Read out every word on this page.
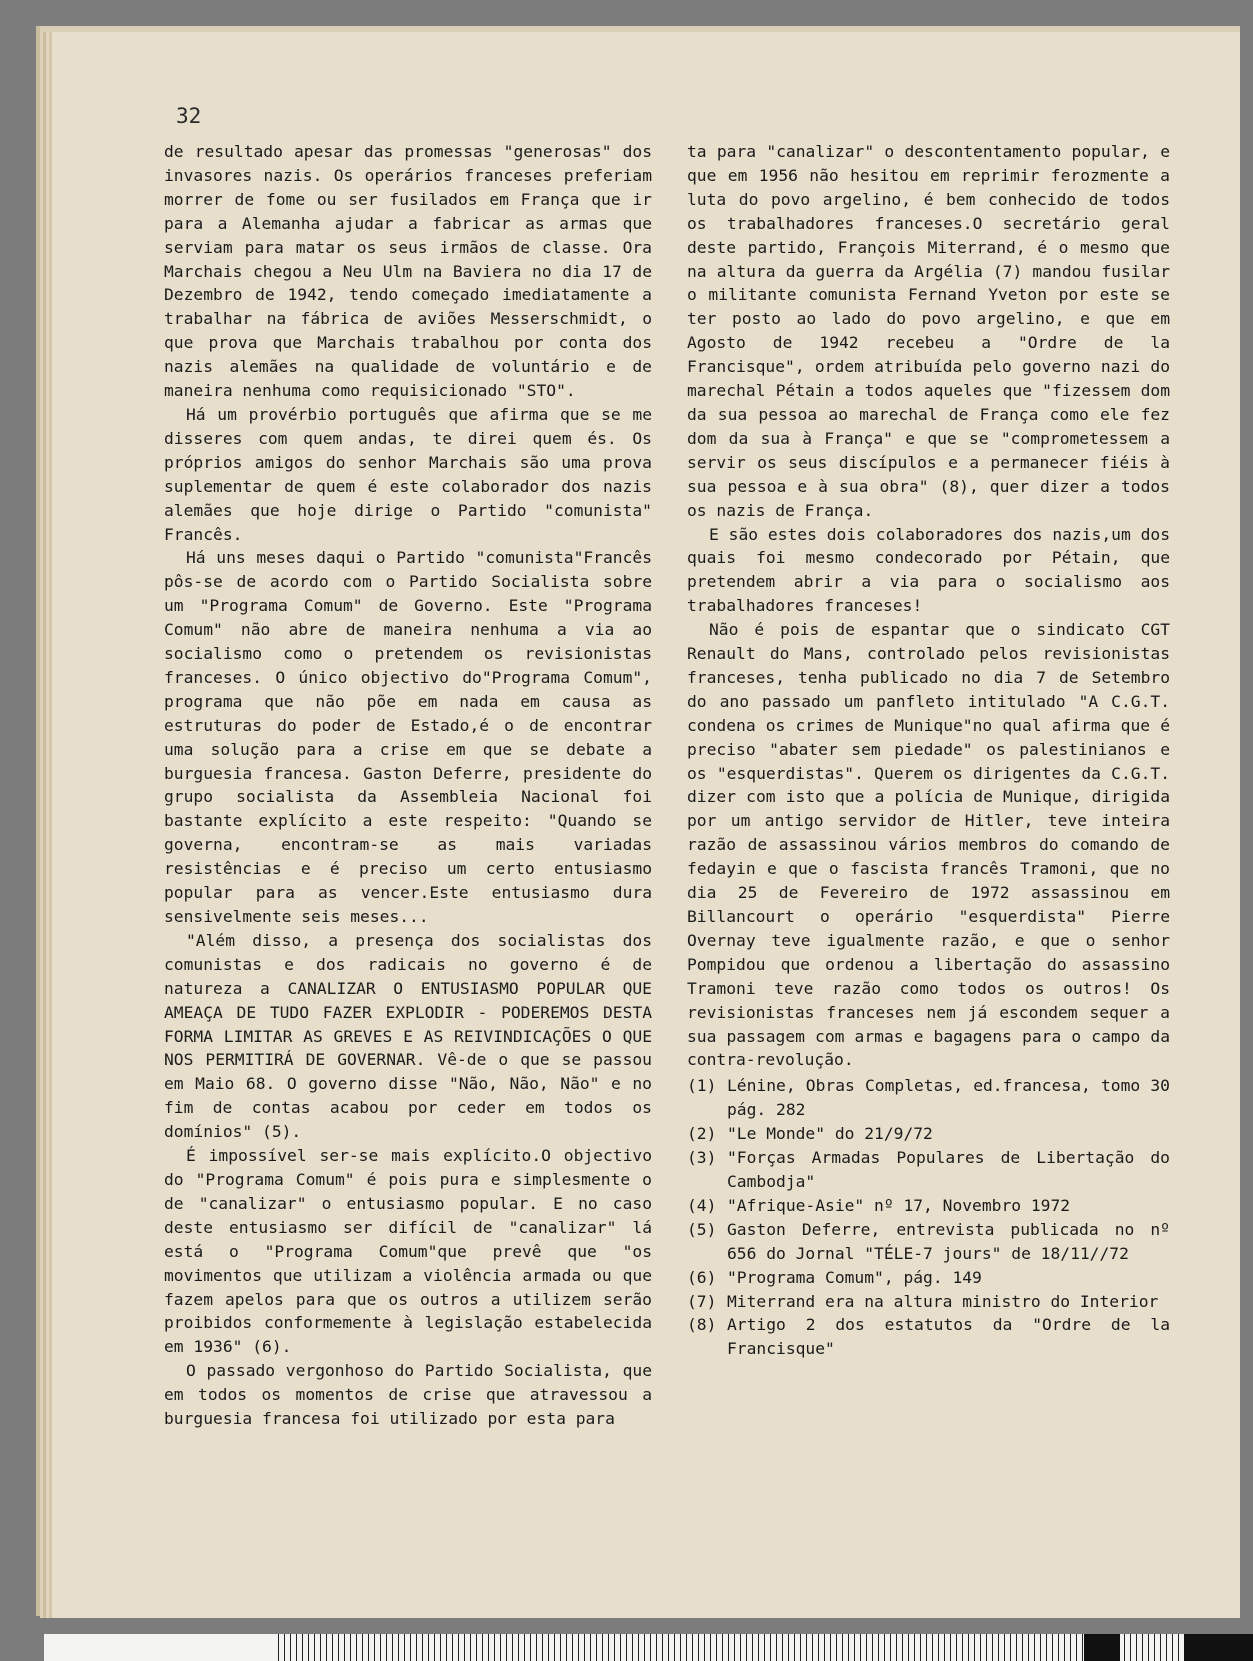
32

de resultado apesar das promessas "generosas" dos invasores nazis. Os operários franceses preferiam morrer de fome ou ser fusilados em França que ir para a Alemanha ajudar a fabricar as armas que serviam para matar os seus irmãos de classe. Ora Marchais chegou a Neu Ulm na Baviera no dia 17 de Dezembro de 1942, tendo começado imediatamente a trabalhar na fábrica de aviões Messerschmidt, o que prova que Marchais trabalhou por conta dos nazis alemães na qualidade de voluntário e de maneira nenhuma como requisicionado "STO".

Há um provérbio português que afirma que se me disseres com quem andas, te direi quem és. Os próprios amigos do senhor Marchais são uma prova suplementar de quem é este colaborador dos nazis alemães que hoje dirige o Partido "comunista" Francês.

Há uns meses daqui o Partido "comunista"Francês pôs-se de acordo com o Partido Socialista sobre um "Programa Comum" de Governo. Este "Programa Comum" não abre de maneira nenhuma a via ao socialismo como o pretendem os revisionistas franceses. O único objectivo do"Programa Comum", programa que não põe em nada em causa as estruturas do poder de Estado,é o de encontrar uma solução para a crise em que se debate a burguesia francesa. Gaston Deferre, presidente do grupo socialista da Assembleia Nacional foi bastante explícito a este respeito: "Quando se governa, encontram-se as mais variadas resistências e é preciso um certo entusiasmo popular para as vencer.Este entusiasmo dura sensivelmente seis meses...

"Além disso, a presença dos socialistas dos comunistas e dos radicais no governo é de natureza a CANALIZAR O ENTUSIASMO POPULAR QUE AMEAÇA DE TUDO FAZER EXPLODIR - PODEREMOS DESTA FORMA LIMITAR AS GREVES E AS REIVINDICAÇÕES O QUE NOS PERMITIRÁ DE GOVERNAR. Vê-de o que se passou em Maio 68. O governo disse "Não, Não, Não" e no fim de contas acabou por ceder em todos os domínios" (5).

É impossível ser-se mais explícito.O objectivo do "Programa Comum" é pois pura e simplesmente o de "canalizar" o entusiasmo popular. E no caso deste entusiasmo ser difícil de "canalizar" lá está o "Programa Comum"que prevê que "os movimentos que utilizam a violência armada ou que fazem apelos para que os outros a utilizem serão proibidos conformemente à legislação estabelecida em 1936" (6).

O passado vergonhoso do Partido Socialista, que em todos os momentos de crise que atravessou a burguesia francesa foi utilizado por esta para

ta para "canalizar" o descontentamento popular, e que em 1956 não hesitou em reprimir ferozmente a luta do povo argelino, é bem conhecido de todos os trabalhadores franceses.O secretário geral deste partido, François Miterrand, é o mesmo que na altura da guerra da Argélia (7) mandou fusilar o militante comunista Fernand Yveton por este se ter posto ao lado do povo argelino, e que em Agosto de 1942 recebeu a "Ordre de la Francisque", ordem atribuída pelo governo nazi do marechal Pétain a todos aqueles que "fizessem dom da sua pessoa ao marechal de França como ele fez dom da sua à França" e que se "comprometessem a servir os seus discípulos e a permanecer fiéis à sua pessoa e à sua obra" (8), quer dizer a todos os nazis de França.

E são estes dois colaboradores dos nazis,um dos quais foi mesmo condecorado por Pétain, que pretendem abrir a via para o socialismo aos trabalhadores franceses!

Não é pois de espantar que o sindicato CGT Renault do Mans, controlado pelos revisionistas franceses, tenha publicado no dia 7 de Setembro do ano passado um panfleto intitulado "A C.G.T. condena os crimes de Munique"no qual afirma que é preciso "abater sem piedade" os palestinianos e os "esquerdistas". Querem os dirigentes da C.G.T. dizer com isto que a polícia de Munique, dirigida por um antigo servidor de Hitler, teve inteira razão de assassinou vários membros do comando de fedayin e que o fascista francês Tramoni, que no dia 25 de Fevereiro de 1972 assassinou em Billancourt o operário "esquerdista" Pierre Overnay teve igualmente razão, e que o senhor Pompidou que ordenou a libertação do assassino Tramoni teve razão como todos os outros! Os revisionistas franceses nem já escondem sequer a sua passagem com armas e bagagens para o campo da contra-revolução.

(1) Lénine, Obras Completas, ed.francesa, tomo 30 pág. 282
(2) "Le Monde" do 21/9/72
(3) "Forças Armadas Populares de Libertação do Cambodja"
(4) "Afrique-Asie" nº 17, Novembro 1972
(5) Gaston Deferre, entrevista publicada no nº 656 do Jornal "TÉLE-7 jours" de 18/11//72
(6) "Programa Comum", pág. 149
(7) Miterrand era na altura ministro do Interior
(8) Artigo 2 dos estatutos da "Ordre de la Francisque"
